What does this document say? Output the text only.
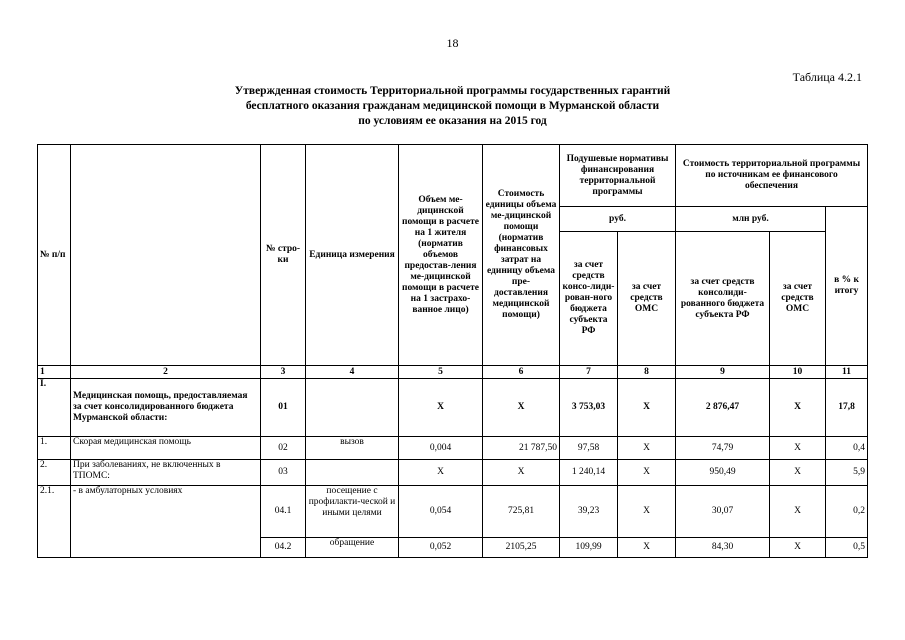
18
Таблица 4.2.1
Утвержденная стоимость Территориальной программы государственных гарантий
бесплатного оказания гражданам медицинской помощи в Мурманской области
по условиям ее оказания на 2015 год
№ п/п		№ стро-ки	Единица измерения	Объем ме-дицинской помощи в расчете на 1 жителя (норматив объемов предостав-ления ме-дицинской помощи в расчете на 1 застрахо-ванное лицо)	Стоимость единицы объема ме-дицинской помощи (норматив финансовых затрат на единицу объема пре-доставления медицинской помощи)	Подушевые нормативы финансирования территориальной программы		Стоимость территориальной программы по источникам ее финансового обеспечения		
						руб.		млн руб.		в % к итогу
						за счет средств консо-лиди-рован-ного бюджета субъекта РФ	за счет средств ОМС	за счет средств консолиди-рованного бюджета субъекта РФ	за счет средств ОМС	
1	2	3	4	5	6	7	8	9	10	11
I.	Медицинская помощь, предоставляемая за счет консолидированного бюджета Мурманской области:	01		X	X	3 753,03	X	2 876,47	X	17,8
1.	Скорая медицинская помощь	02	вызов	0,004	21 787,50	97,58	X	74,79	X	0,4
2.	При заболеваниях, не включенных в ТПОМС:	03		X	X	1 240,14	X	950,49	X	5,9
2.1.	- в амбулаторных условиях	04.1	посещение с профилакти-ческой и иными целями	0,054	725,81	39,23	X	30,07	X	0,2
		04.2	обращение	0,052	2105,25	109,99	X	84,30	X	0,5
